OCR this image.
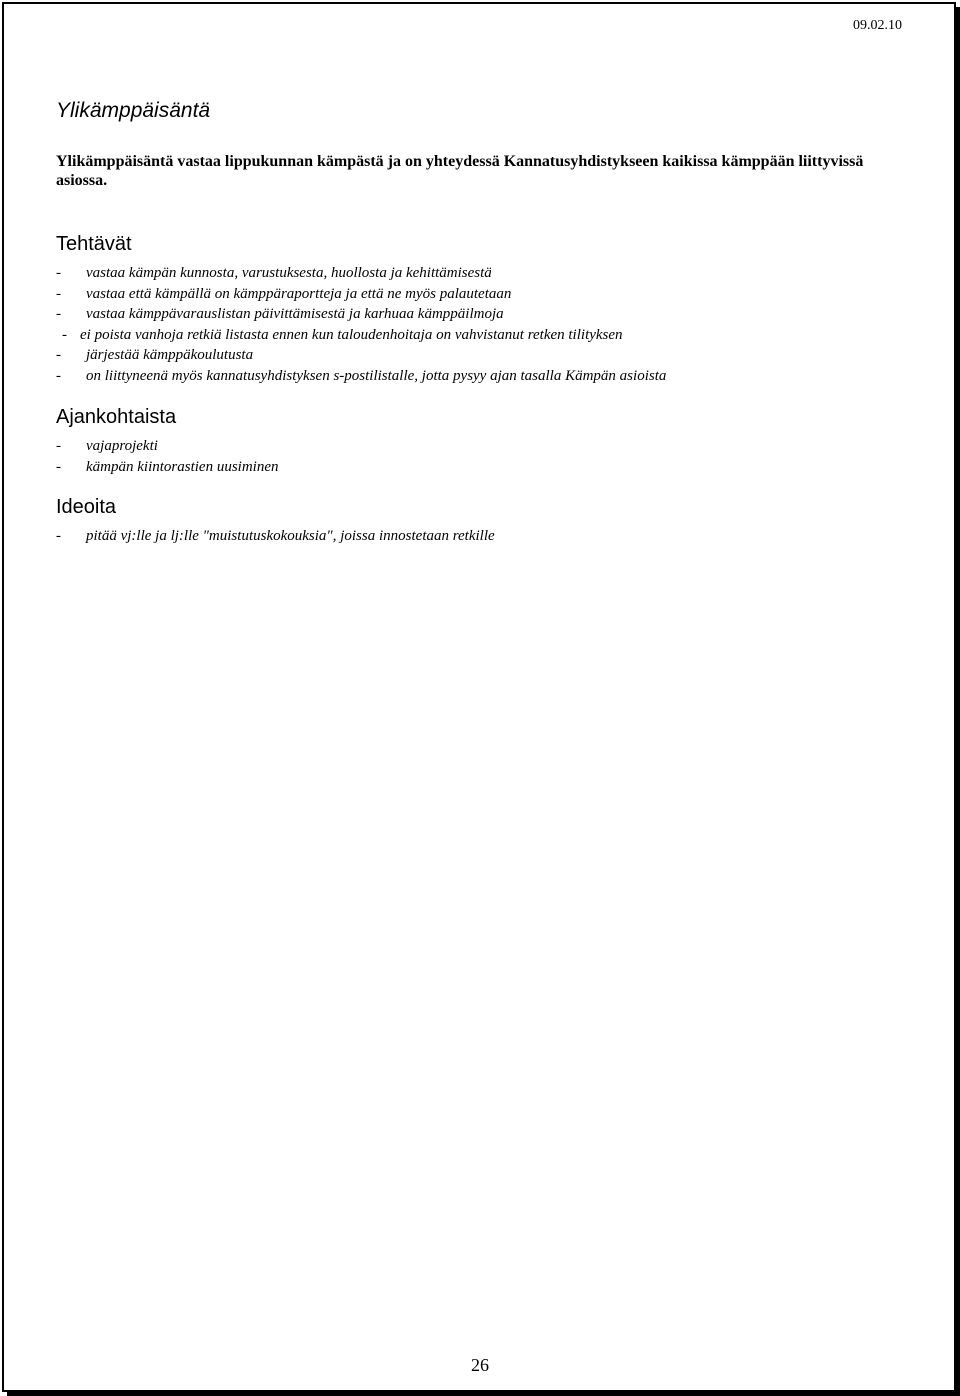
09.02.10
Ylikämppäisäntä

Ylikämppäisäntä vastaa lippukunnan kämpästä ja on yhteydessä Kannatusyhdistykseen kaikissa kämppään liittyvissä asiossa.

Tehtävät
- vastaa kämpän kunnosta, varustuksesta, huollosta ja kehittämisestä
- vastaa että kämpällä on kämppäraportteja ja että ne myös palautetaan
- vastaa kämppävarauslistan päivittämisestä ja karhuaa kämppäilmoja
- ei poista vanhoja retkiä listasta ennen kun taloudenhoitaja on vahvistanut retken tilityksen
- järjestää kämppäkoulutusta
- on liittyneenä myös kannatusyhdistyksen s-postilistalle, jotta pysyy ajan tasalla Kämpän asioista
Ajankohtaista
- vajaprojekti
- kämpän kiintorastien uusiminen
Ideoita
- pitää vj:lle ja lj:lle "muistutuskokouksia", joissa innostetaan retkille
26
